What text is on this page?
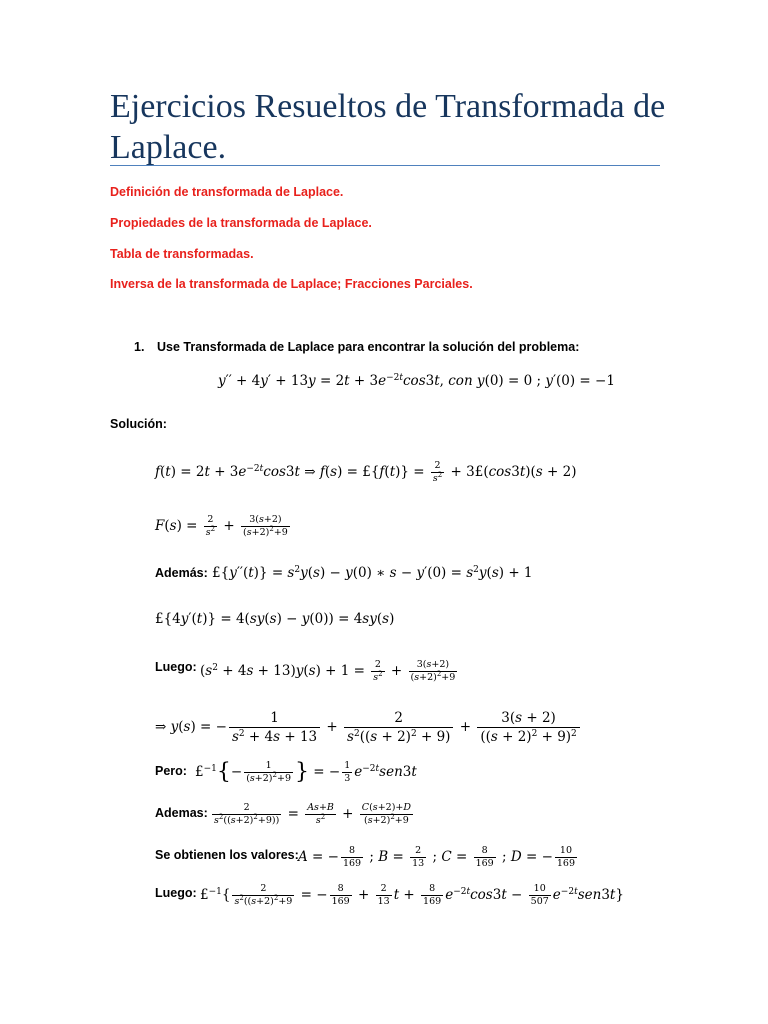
Ejercicios Resueltos de Transformada de Laplace.
Definición de transformada de Laplace.
Propiedades de la transformada de Laplace.
Tabla de transformadas.
Inversa de la transformada de Laplace; Fracciones Parciales.
1. Use Transformada de Laplace para encontrar la solución del problema:
$y'' + 4y' + 13y = 2t + 3e^{-2t}\cos 3t$, con y(0) = 0 ; y′(0) = −1
Solución:
$f(t) = 2t + 3e^{-2t}\cos 3t$ ⇒ f(s) = £{f(t)} = $\frac{2}{s^2}$ + 3£(cos3t)(s + 2)
$F(s) = \frac{2}{s^2} + \frac{3(s+2)}{(s+2)^2+9}$
Además: £{y′′(t)} = $s^2y(s) - y(0)$ ∗ $s - y'(0) = s^2y(s) + 1$
£{4y′(t)} = 4(sy(s) − y(0)) = 4sy(s)
Luego: $(s^2 + 4s + 13)y(s) + 1 = \frac{2}{s^2} + \frac{3(s+2)}{(s+2)^2+9}$
⇒ y(s) = − $\frac{1}{s^2 + 4s + 13} + \frac{2}{s^2((s + 2)^2 + 9)} + \frac{3(s + 2)}{((s + 2)^2 + 9)^2}$
Pero: £$^{-1}${− $\frac{1}{(s+2)^2+9}$ } = − $\frac{1}{3} e^{-2t}sen3t$
Ademas: $\frac{2}{s^2((s+2)^2+9))} = \frac{As+B}{s^2} + \frac{C(s+2)+D}{(s+2)^2+9}$
Se obtienen los valores: A = − $\frac{8}{169}$ ; $B = \frac{2}{13}$ ; $C = \frac{8}{169}$ ; D = − $\frac{10}{169}$
Luego: £$^{-1}${ $\frac{2}{s^2((s+2)^2+9}$ = − $\frac{8}{169} + \frac{2}{13}$ $t + \frac{8}{169} e^{-2t}\cos 3t - \frac{10}{507} e^{-2t}sen3t$}
